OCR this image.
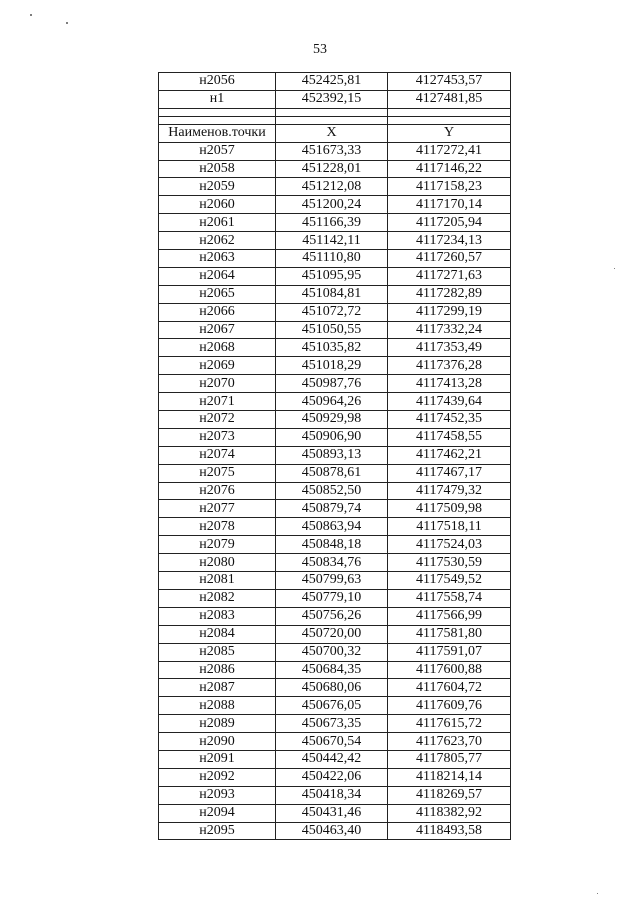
53
н2056	452425,81	4127453,57
н1	452392,15	4127481,85

Наименов.точки	X	Y
н2057	451673,33	4117272,41
н2058	451228,01	4117146,22
н2059	451212,08	4117158,23
н2060	451200,24	4117170,14
н2061	451166,39	4117205,94
н2062	451142,11	4117234,13
н2063	451110,80	4117260,57
н2064	451095,95	4117271,63
н2065	451084,81	4117282,89
н2066	451072,72	4117299,19
н2067	451050,55	4117332,24
н2068	451035,82	4117353,49
н2069	451018,29	4117376,28
н2070	450987,76	4117413,28
н2071	450964,26	4117439,64
н2072	450929,98	4117452,35
н2073	450906,90	4117458,55
н2074	450893,13	4117462,21
н2075	450878,61	4117467,17
н2076	450852,50	4117479,32
н2077	450879,74	4117509,98
н2078	450863,94	4117518,11
н2079	450848,18	4117524,03
н2080	450834,76	4117530,59
н2081	450799,63	4117549,52
н2082	450779,10	4117558,74
н2083	450756,26	4117566,99
н2084	450720,00	4117581,80
н2085	450700,32	4117591,07
н2086	450684,35	4117600,88
н2087	450680,06	4117604,72
н2088	450676,05	4117609,76
н2089	450673,35	4117615,72
н2090	450670,54	4117623,70
н2091	450442,42	4117805,77
н2092	450422,06	4118214,14
н2093	450418,34	4118269,57
н2094	450431,46	4118382,92
н2095	450463,40	4118493,58
